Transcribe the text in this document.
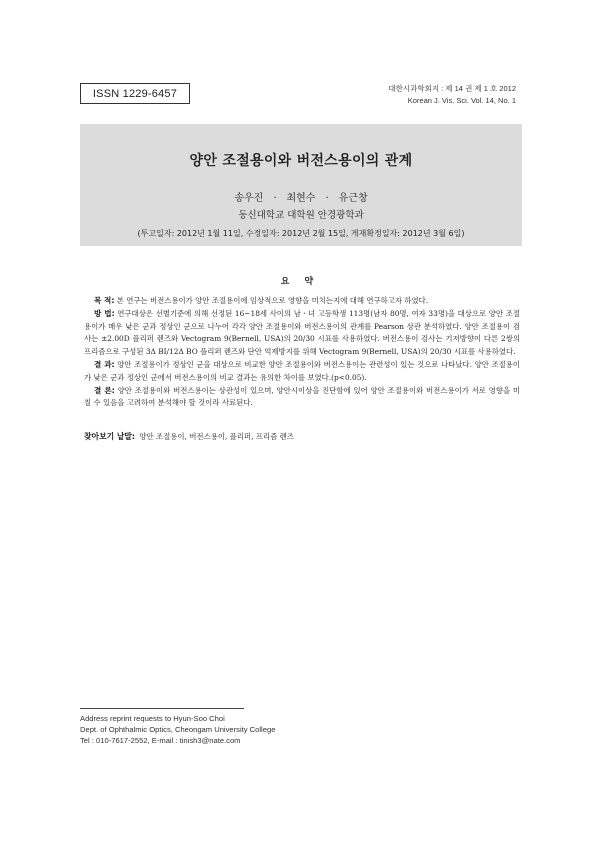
ISSN 1229-6457	대한시과학회지 : 제 14 권 제 1 호 2012
Korean J. Vis. Sci. Vol. 14, No. 1
양안 조절용이와 버전스용이의 관계
송우진 · 최현수 · 유근창
동신대학교 대학원 안경광학과
(투고일자: 2012년 1월 11일, 수정일자: 2012년 2월 15일, 게재확정일자: 2012년 3월 6일)
요 약

목 적: 본 연구는 버전스용이가 양안 조절용이에 임상적으로 영향을 미치는지에 대해 연구하고자 하였다.

방 법: 연구대상은 선별기준에 의해 선정된 16~18세 사이의 남ㆍ녀 고등학생 113명(남자 80명, 여자 33명)을 대상으로 양안 조절용이가 매우 낮은 군과 정상인 군으로 나누어 각각 양안 조절용이와 버전스용이의 관계를 Pearson 상관 분석하였다. 양안 조절용이 검사는 ±2.00D 플리퍼 렌즈와 Vectogram 9(Bernell, USA)의 20/30 시표를 사용하였다. 버전스용이 검사는 기저방향이 다른 2쌍의 프리즘으로 구성된 3Δ BI/12Δ BO 플리퍼 렌즈와 단안 억제방지를 위해 Vectogram 9(Bernell, USA)의 20/30 시표를 사용하였다.

결 과: 양안 조절용이가 정상인 군을 대상으로 비교한 양안 조절용이와 버전스용이는 관련성이 있는 것으로 나타났다. 양안 조절용이가 낮은 군과 정상인 군에서 버전스용이의 비교 결과는 유의한 차이를 보였다.(p<0.05).

결 론: 양안 조절용이와 버전스용이는 상관성이 있으며, 양안시이상을 진단함에 있어 양안 조절용이와 버전스용이가 서로 영향을 미칠 수 있음을 고려하여 분석해야 할 것이라 사료된다.

찾아보기 낱말: 양안 조절용이, 버전스용이, 플리퍼, 프리즘 렌즈
Address reprint requests to Hyun-Soo Choi
Dept. of Ophthalmic Optics, Cheongam University College
Tel : 010-7617-2552, E-mail : tinish3@nate.com
